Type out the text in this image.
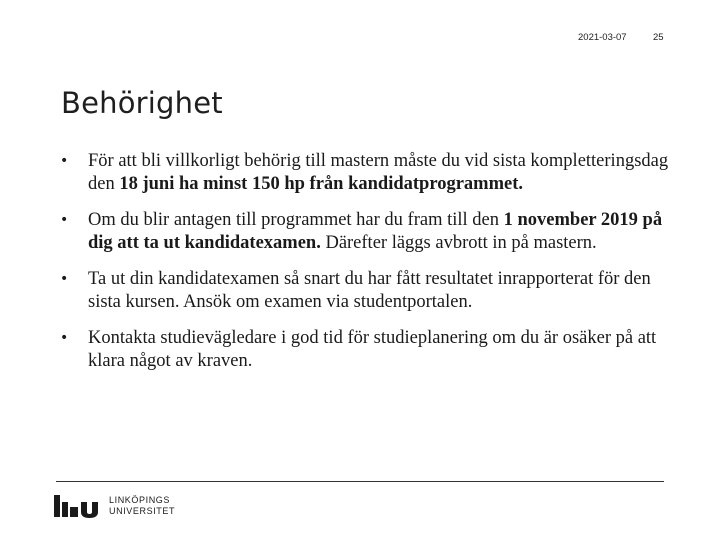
2021-03-07	25
Behörighet
• För att bli villkorligt behörig till mastern måste du vid sista kompletteringsdag den 18 juni ha minst 150 hp från kandidatprogrammet.
• Om du blir antagen till programmet har du fram till den 1 november 2019 på dig att ta ut kandidatexamen. Därefter läggs avbrott in på mastern.
• Ta ut din kandidatexamen så snart du har fått resultatet inrapporterat för den sista kursen. Ansök om examen via studentportalen.
• Kontakta studievägledare i god tid för studieplanering om du är osäker på att klara något av kraven.
LINKÖPINGS
UNIVERSITET
